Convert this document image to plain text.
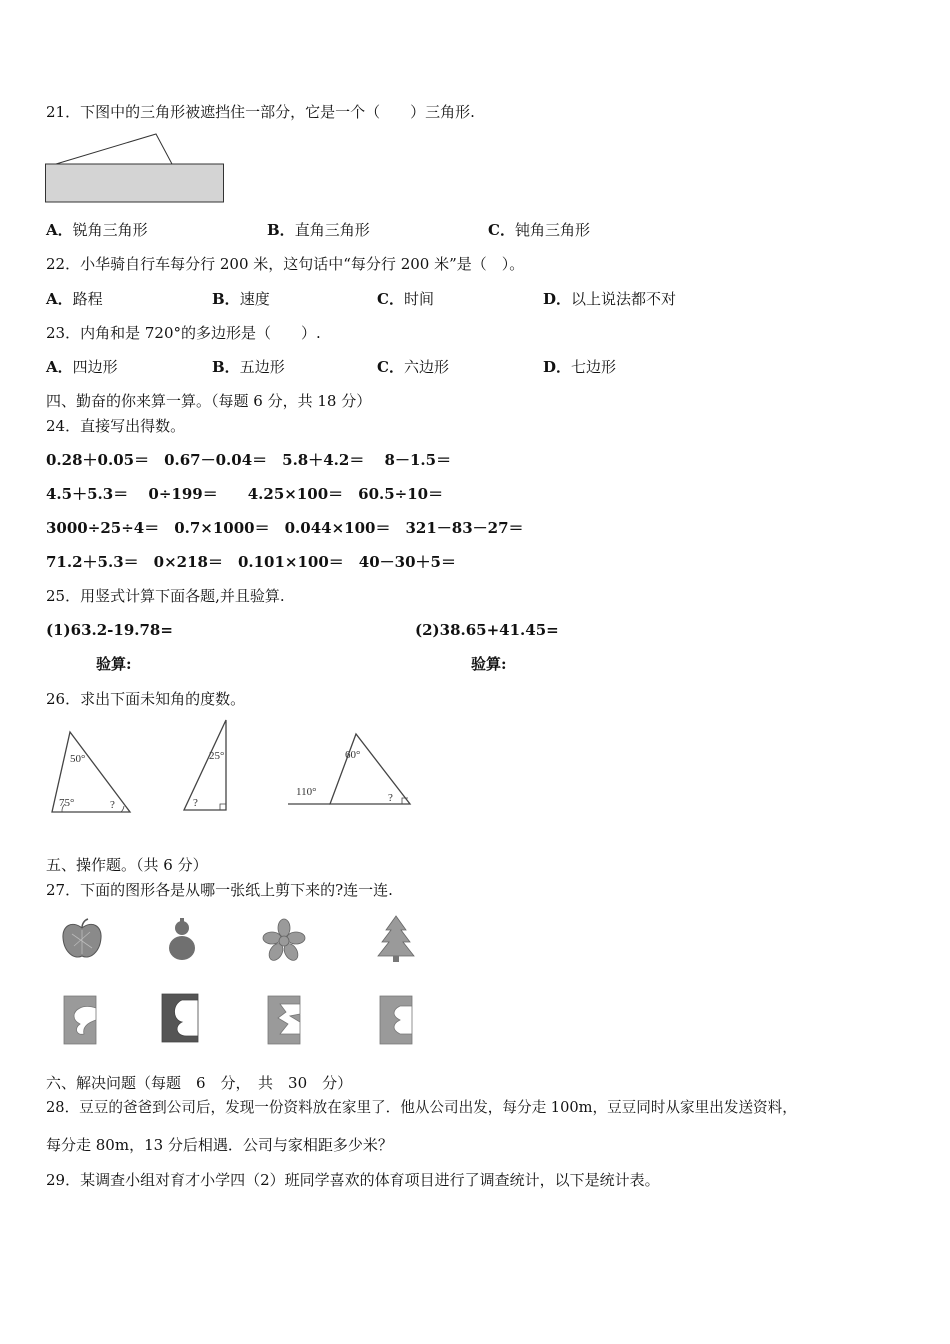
21．下图中的三角形被遮挡住一部分，它是一个（　　）三角形.
A．锐角三角形	B．直角三角形	C．钝角三角形
22．小华骑自行车每分行 200 米，这句话中“每分行 200 米”是（　）。
A．路程	B．速度	C．时间	D．以上说法都不对
23．内角和是 720°的多边形是（　　）.
A．四边形	B．五边形	C．六边形	D．七边形
四、勤奋的你来算一算。（每题 6 分，共 18 分）
24．直接写出得数。
0.28＋0.05＝　0.67－0.04＝　5.8＋4.2＝　 8－1.5＝
4.5＋5.3＝　 0÷199＝　　4.25×100＝　60.5÷10＝
3000÷25÷4＝　0.7×1000＝　0.044×100＝　321－83－27＝
71.2＋5.3＝　0×218＝　0.101×100＝　40－30＋5＝
25．用竖式计算下面各题,并且验算.
(1)63.2-19.78=	(2)38.65+41.45=
验算:	验算:
26．求出下面未知角的度数。
50°
75°	?
25°
?
60°
110°	?
五、操作题。（共 6 分）
27．下面的图形各是从哪一张纸上剪下来的?连一连.
六、解决问题（每题　6　分，　共　30　分）
28．豆豆的爸爸到公司后，发现一份资料放在家里了．他从公司出发，每分走 100m，豆豆同时从家里出发送资料，
每分走 80m，13 分后相遇．公司与家相距多少米？
29．某调查小组对育才小学四（2）班同学喜欢的体育项目进行了调查统计，以下是统计表。
